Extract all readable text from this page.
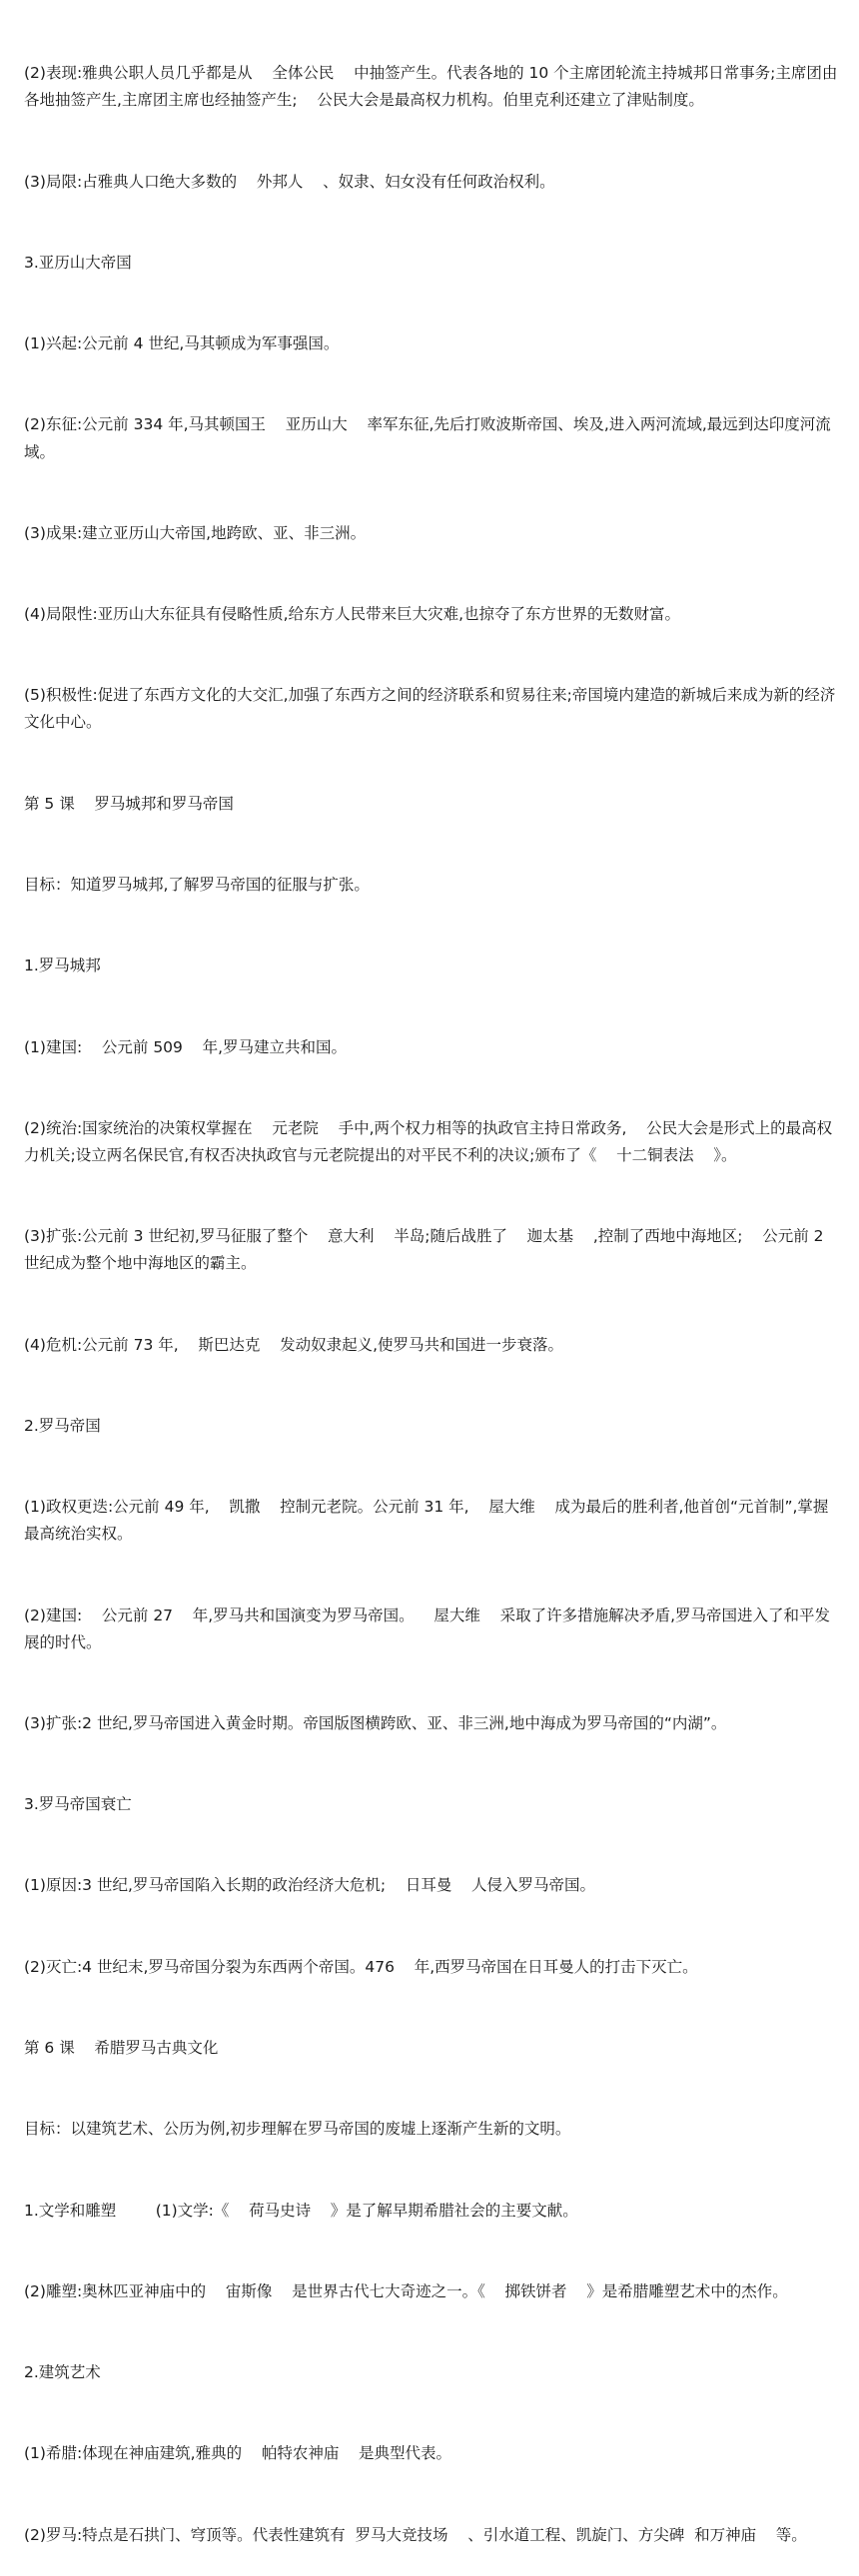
(2)表现:雅典公职人员几乎都是从    全体公民    中抽签产生。代表各地的 10 个主席团轮流主持城邦日常事务;主席团由各地抽签产生,主席团主席也经抽签产生;    公民大会是最高权力机构。伯里克利还建立了津贴制度。

(3)局限:占雅典人口绝大多数的    外邦人    、奴隶、妇女没有任何政治权利。

3.亚历山大帝国

(1)兴起:公元前 4 世纪,马其顿成为军事强国。

(2)东征:公元前 334 年,马其顿国王    亚历山大    率军东征,先后打败波斯帝国、埃及,进入两河流域,最远到达印度河流域。

(3)成果:建立亚历山大帝国,地跨欧、亚、非三洲。

(4)局限性:亚历山大东征具有侵略性质,给东方人民带来巨大灾难,也掠夺了东方世界的无数财富。

(5)积极性:促进了东西方文化的大交汇,加强了东西方之间的经济联系和贸易往来;帝国境内建造的新城后来成为新的经济文化中心。

第 5 课    罗马城邦和罗马帝国

目标：知道罗马城邦,了解罗马帝国的征服与扩张。

1.罗马城邦

(1)建国:    公元前 509    年,罗马建立共和国。

(2)统治:国家统治的决策权掌握在    元老院    手中,两个权力相等的执政官主持日常政务,    公民大会是形式上的最高权力机关;设立两名保民官,有权否决执政官与元老院提出的对平民不利的决议;颁布了《    十二铜表法    》。

(3)扩张:公元前 3 世纪初,罗马征服了整个    意大利    半岛;随后战胜了    迦太基    ,控制了西地中海地区;    公元前 2    世纪成为整个地中海地区的霸主。

(4)危机:公元前 73 年,    斯巴达克    发动奴隶起义,使罗马共和国进一步衰落。

2.罗马帝国

(1)政权更迭:公元前 49 年,    凯撒    控制元老院。公元前 31 年,    屋大维    成为最后的胜利者,他首创“元首制”,掌握最高统治实权。

(2)建国:    公元前 27    年,罗马共和国演变为罗马帝国。    屋大维    采取了许多措施解决矛盾,罗马帝国进入了和平发展的时代。

(3)扩张:2 世纪,罗马帝国进入黄金时期。帝国版图横跨欧、亚、非三洲,地中海成为罗马帝国的“内湖”。

3.罗马帝国衰亡

(1)原因:3 世纪,罗马帝国陷入长期的政治经济大危机;    日耳曼    人侵入罗马帝国。

(2)灭亡:4 世纪末,罗马帝国分裂为东西两个帝国。476    年,西罗马帝国在日耳曼人的打击下灭亡。

第 6 课    希腊罗马古典文化

目标：以建筑艺术、公历为例,初步理解在罗马帝国的废墟上逐渐产生新的文明。

1.文学和雕塑        (1)文学:《    荷马史诗    》是了解早期希腊社会的主要文献。

(2)雕塑:奥林匹亚神庙中的    宙斯像    是世界古代七大奇迹之一。《    掷铁饼者    》是希腊雕塑艺术中的杰作。

2.建筑艺术

(1)希腊:体现在神庙建筑,雅典的    帕特农神庙    是典型代表。

(2)罗马:特点是石拱门、穹顶等。代表性建筑有  罗马大竞技场    、引水道工程、凯旋门、方尖碑  和万神庙    等。
